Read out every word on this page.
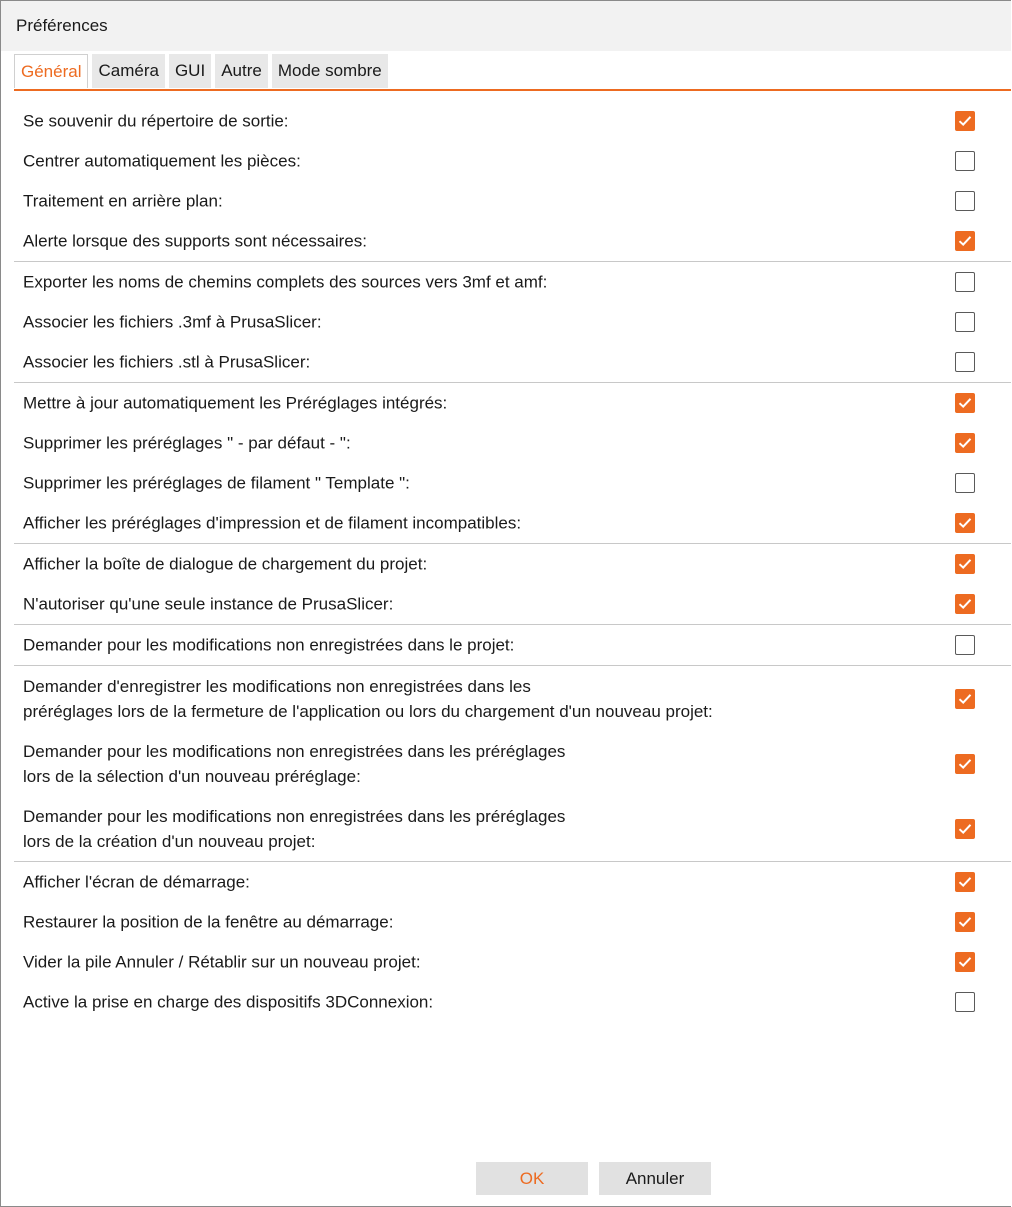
Préférences
Général	Caméra GUI Autre Mode sombre
Se souvenir du répertoire de sortie:
Centrer automatiquement les pièces:
Traitement en arrière plan:
Alerte lorsque des supports sont nécessaires:
Exporter les noms de chemins complets des sources vers 3mf et amf:
Associer les fichiers .3mf à PrusaSlicer:
Associer les fichiers .stl à PrusaSlicer:
Mettre à jour automatiquement les Préréglages intégrés:
Supprimer les préréglages " - par défaut - ":
Supprimer les préréglages de filament " Template ":
Afficher les préréglages d'impression et de filament incompatibles:
Afficher la boîte de dialogue de chargement du projet:
N'autoriser qu'une seule instance de PrusaSlicer:
Demander pour les modifications non enregistrées dans le projet:
Demander d'enregistrer les modifications non enregistrées dans les
préréglages lors de la fermeture de l'application ou lors du chargement d'un nouveau projet:
Demander pour les modifications non enregistrées dans les préréglages
lors de la sélection d'un nouveau préréglage:
Demander pour les modifications non enregistrées dans les préréglages
lors de la création d'un nouveau projet:
Afficher l'écran de démarrage:
Restaurer la position de la fenêtre au démarrage:
Vider la pile Annuler / Rétablir sur un nouveau projet:
Active la prise en charge des dispositifs 3DConnexion:
OK	Annuler
